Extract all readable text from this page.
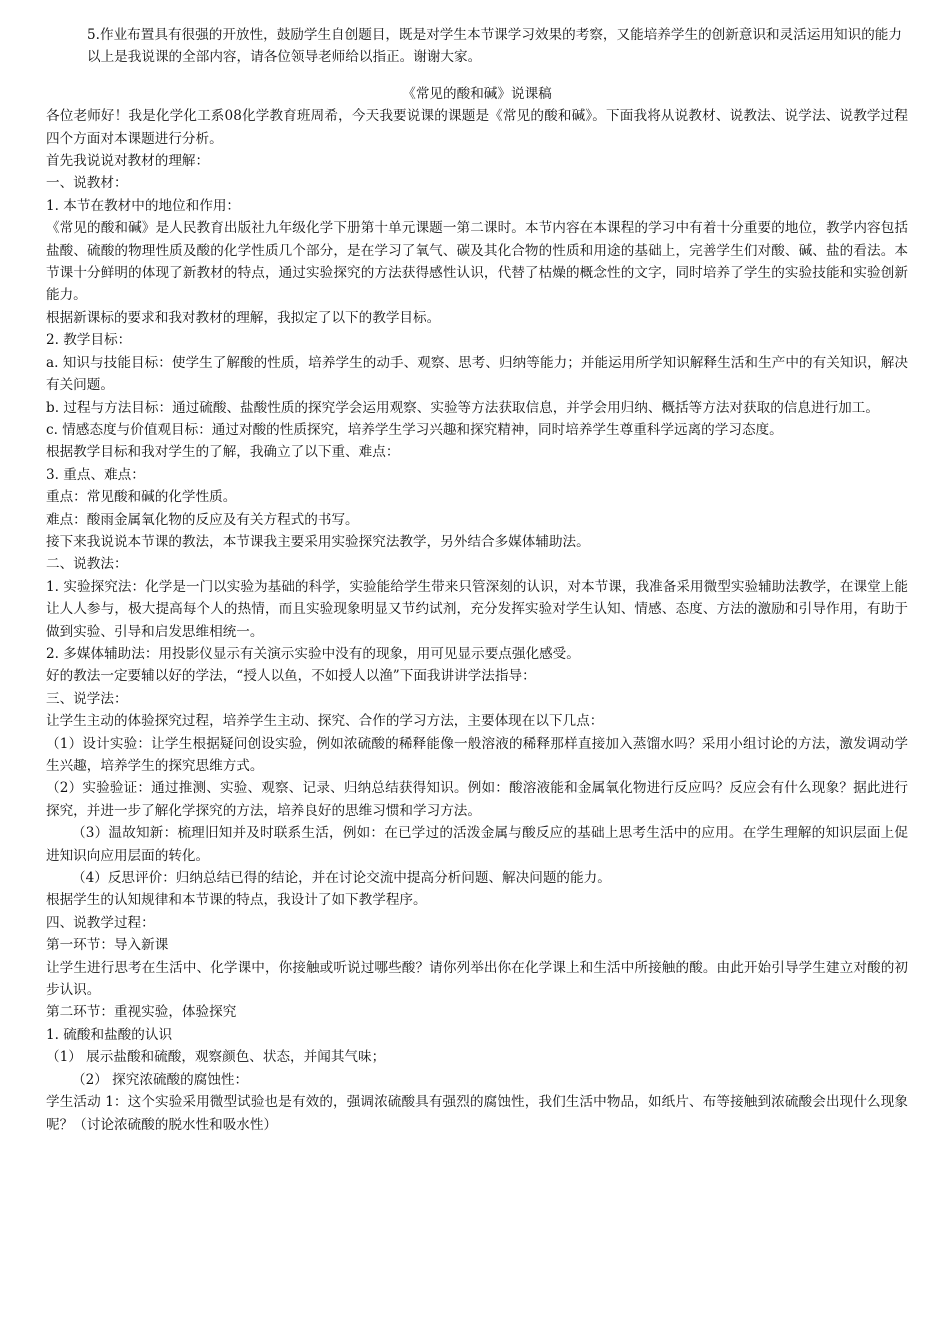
5.作业布置具有很强的开放性，鼓励学生自创题目，既是对学生本节课学习效果的考察，又能培养学生的创新意识和灵活运用知识的能力

以上是我说课的全部内容，请各位领导老师给以指正。谢谢大家。

《常见的酸和碱》说课稿

各位老师好！我是化学化工系08化学教育班周希，今天我要说课的课题是《常见的酸和碱》。下面我将从说教材、说教法、说学法、说教学过程四个方面对本课题进行分析。

首先我说说对教材的理解：

一、说教材：

1. 本节在教材中的地位和作用：

《常见的酸和碱》是人民教育出版社九年级化学下册第十单元课题一第二课时。本节内容在本课程的学习中有着十分重要的地位，教学内容包括盐酸、硫酸的物理性质及酸的化学性质几个部分，是在学习了氧气、碳及其化合物的性质和用途的基础上，完善学生们对酸、碱、盐的看法。本节课十分鲜明的体现了新教材的特点，通过实验探究的方法获得感性认识，代替了枯燥的概念性的文字，同时培养了学生的实验技能和实验创新能力。

根据新课标的要求和我对教材的理解，我拟定了以下的教学目标。

2. 教学目标：

a. 知识与技能目标：使学生了解酸的性质，培养学生的动手、观察、思考、归纳等能力；并能运用所学知识解释生活和生产中的有关知识，解决有关问题。

b. 过程与方法目标：通过硫酸、盐酸性质的探究学会运用观察、实验等方法获取信息，并学会用归纳、概括等方法对获取的信息进行加工。

c. 情感态度与价值观目标：通过对酸的性质探究，培养学生学习兴趣和探究精神，同时培养学生尊重科学远离的学习态度。

根据教学目标和我对学生的了解，我确立了以下重、难点：

3. 重点、难点：

重点：常见酸和碱的化学性质。

难点：酸雨金属氧化物的反应及有关方程式的书写。

接下来我说说本节课的教法，本节课我主要采用实验探究法教学，另外结合多媒体辅助法。

二、说教法：

1. 实验探究法：化学是一门以实验为基础的科学，实验能给学生带来只管深刻的认识，对本节课，我准备采用微型实验辅助法教学，在课堂上能让人人参与，极大提高每个人的热情，而且实验现象明显又节约试剂，充分发挥实验对学生认知、情感、态度、方法的激励和引导作用，有助于做到实验、引导和启发思维相统一。

2. 多媒体辅助法：用投影仪显示有关演示实验中没有的现象，用可见显示要点强化感受。

好的教法一定要辅以好的学法，“授人以鱼，不如授人以渔”下面我讲讲学法指导：

三、说学法：

让学生主动的体验探究过程，培养学生主动、探究、合作的学习方法，主要体现在以下几点：

（1）设计实验：让学生根据疑问创设实验，例如浓硫酸的稀释能像一般溶液的稀释那样直接加入蒸馏水吗？采用小组讨论的方法，激发调动学生兴趣，培养学生的探究思维方式。

（2）实验验证：通过推测、实验、观察、记录、归纳总结获得知识。例如：酸溶液能和金属氧化物进行反应吗？反应会有什么现象？据此进行探究，并进一步了解化学探究的方法，培养良好的思维习惯和学习方法。

（3）温故知新：梳理旧知并及时联系生活，例如：在已学过的活泼金属与酸反应的基础上思考生活中的应用。在学生理解的知识层面上促进知识向应用层面的转化。

（4）反思评价：归纳总结已得的结论，并在讨论交流中提高分析问题、解决问题的能力。

根据学生的认知规律和本节课的特点，我设计了如下教学程序。

四、说教学过程：

第一环节：导入新课

让学生进行思考在生活中、化学课中，你接触或听说过哪些酸？请你列举出你在化学课上和生活中所接触的酸。由此开始引导学生建立对酸的初步认识。

第二环节：重视实验，体验探究

1. 硫酸和盐酸的认识

（1） 展示盐酸和硫酸，观察颜色、状态，并闻其气味；

（2） 探究浓硫酸的腐蚀性：

学生活动 1：这个实验采用微型试验也是有效的，强调浓硫酸具有强烈的腐蚀性，我们生活中物品，如纸片、布等接触到浓硫酸会出现什么现象呢？（讨论浓硫酸的脱水性和吸水性）
